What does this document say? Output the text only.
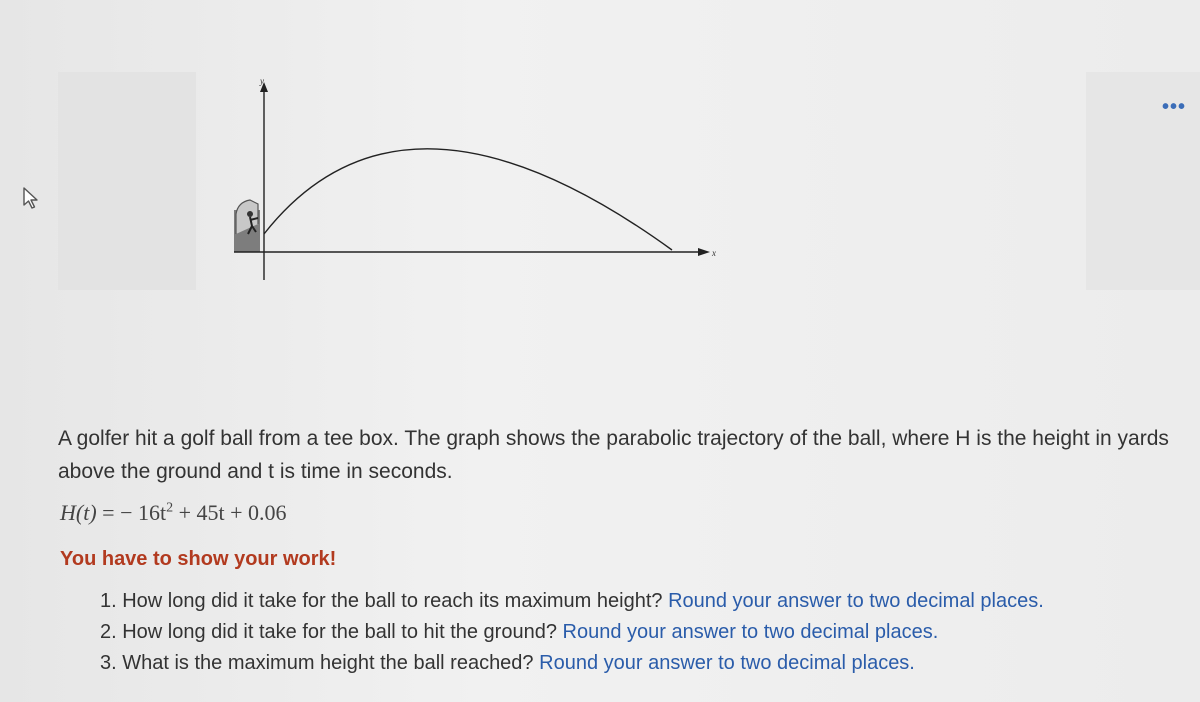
•••
y
x
A golfer hit a golf ball from a tee box. The graph shows the parabolic trajectory of the ball, where H is the height in yards above the ground and t is time in seconds.
H(t) = − $16t^2 + 45t + 0.06$
You have to show your work!
1. How long did it take for the ball to reach its maximum height? Round your answer to two decimal places.
2. How long did it take for the ball to hit the ground? Round your answer to two decimal places.
3. What is the maximum height the ball reached? Round your answer to two decimal places.
